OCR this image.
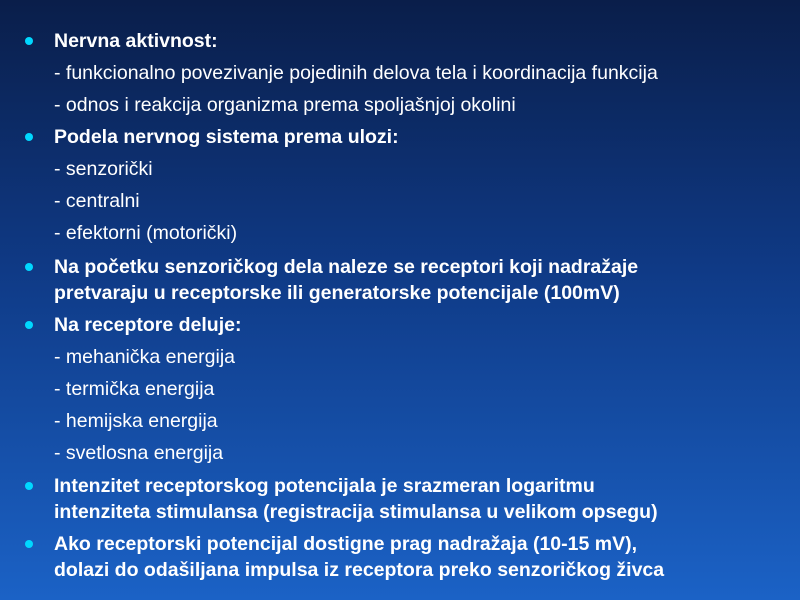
Nervna aktivnost:
- funkcionalno povezivanje pojedinih delova tela i koordinacija funkcija
- odnos i reakcija organizma prema spoljašnjoj okolini
Podela nervnog sistema prema ulozi:
- senzorički
- centralni
- efektorni (motorički)
Na početku senzoričkog dela naleze se receptori koji nadražaje
pretvaraju u receptorske ili generatorske potencijale (100mV)
Na receptore deluje:
- mehanička energija
- termička energija
- hemijska energija
- svetlosna energija
Intenzitet receptorskog potencijala je srazmeran logaritmu
intenziteta stimulansa (registracija stimulansa u velikom opsegu)
Ako receptorski potencijal dostigne prag nadražaja (10-15 mV),
dolazi do odašiljana impulsa iz receptora preko senzoričkog živca
